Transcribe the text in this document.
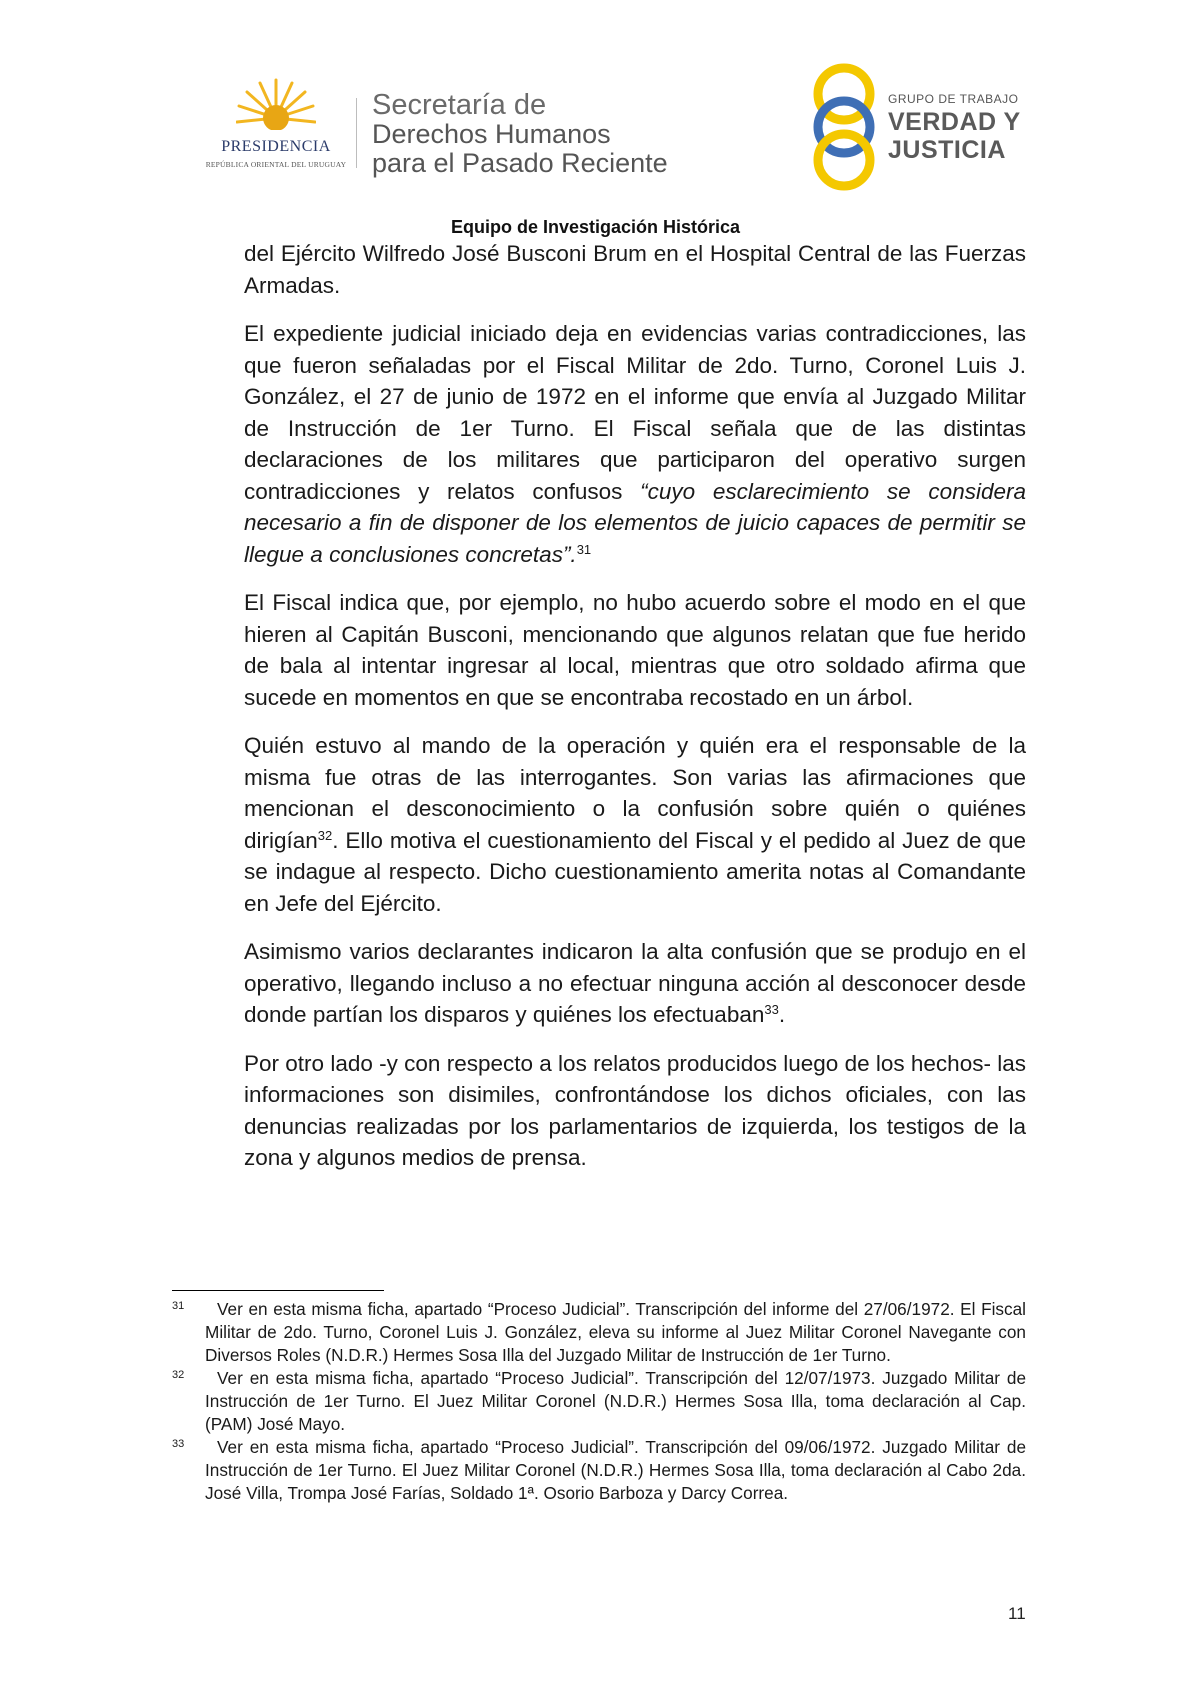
PRESIDENCIA
REPÚBLICA ORIENTAL DEL URUGUAY
Secretaría de
Derechos Humanos
para el Pasado Reciente
GRUPO DE TRABAJO
VERDAD Y
JUSTICIA
Equipo de Investigación Histórica

del Ejército Wilfredo José Busconi Brum en el Hospital Central de las Fuerzas Armadas.

El expediente judicial iniciado deja en evidencias varias contradicciones, las que fueron señaladas por el Fiscal Militar de 2do. Turno, Coronel Luis J. González, el 27 de junio de 1972 en el informe que envía al Juzgado Militar de Instrucción de 1er Turno. El Fiscal señala que de las distintas declaraciones de los militares que participaron del operativo surgen contradicciones y relatos confusos “cuyo esclarecimiento se considera necesario a fin de disponer de los elementos de juicio capaces de permitir se llegue a conclusiones concretas”.$^{31}$

El Fiscal indica que, por ejemplo, no hubo acuerdo sobre el modo en el que hieren al Capitán Busconi, mencionando que algunos relatan que fue herido de bala al intentar ingresar al local, mientras que otro soldado afirma que sucede en momentos en que se encontraba recostado en un árbol.

Quién estuvo al mando de la operación y quién era el responsable de la misma fue otras de las interrogantes. Son varias las afirmaciones que mencionan el desconocimiento o la confusión sobre quién o quiénes dirigían$^{32}$. Ello motiva el cuestionamiento del Fiscal y el pedido al Juez de que se indague al respecto. Dicho cuestionamiento amerita notas al Comandante en Jefe del Ejército.

Asimismo varios declarantes indicaron la alta confusión que se produjo en el operativo, llegando incluso a no efectuar ninguna acción al desconocer desde donde partían los disparos y quiénes los efectuaban$^{33}$.

Por otro lado -y con respecto a los relatos producidos luego de los hechos- las informaciones son disimiles, confrontándose los dichos oficiales, con las denuncias realizadas por los parlamentarios de izquierda, los testigos de la zona y algunos medios de prensa.

31	Ver en esta misma ficha, apartado “Proceso Judicial”. Transcripción del informe del 27/06/1972. El Fiscal Militar de 2do. Turno, Coronel Luis J. González, eleva su informe al Juez Militar Coronel Navegante con Diversos Roles (N.D.R.) Hermes Sosa Illa del Juzgado Militar de Instrucción de 1er Turno.
32	Ver en esta misma ficha, apartado “Proceso Judicial”. Transcripción del 12/07/1973. Juzgado Militar de Instrucción de 1er Turno. El Juez Militar Coronel (N.D.R.) Hermes Sosa Illa, toma declaración al Cap. (PAM) José Mayo.
33	Ver en esta misma ficha, apartado “Proceso Judicial”. Transcripción del 09/06/1972. Juzgado Militar de Instrucción de 1er Turno. El Juez Militar Coronel (N.D.R.) Hermes Sosa Illa, toma declaración al Cabo 2da. José Villa, Trompa José Farías, Soldado 1ª. Osorio Barboza y Darcy Correa.
11
